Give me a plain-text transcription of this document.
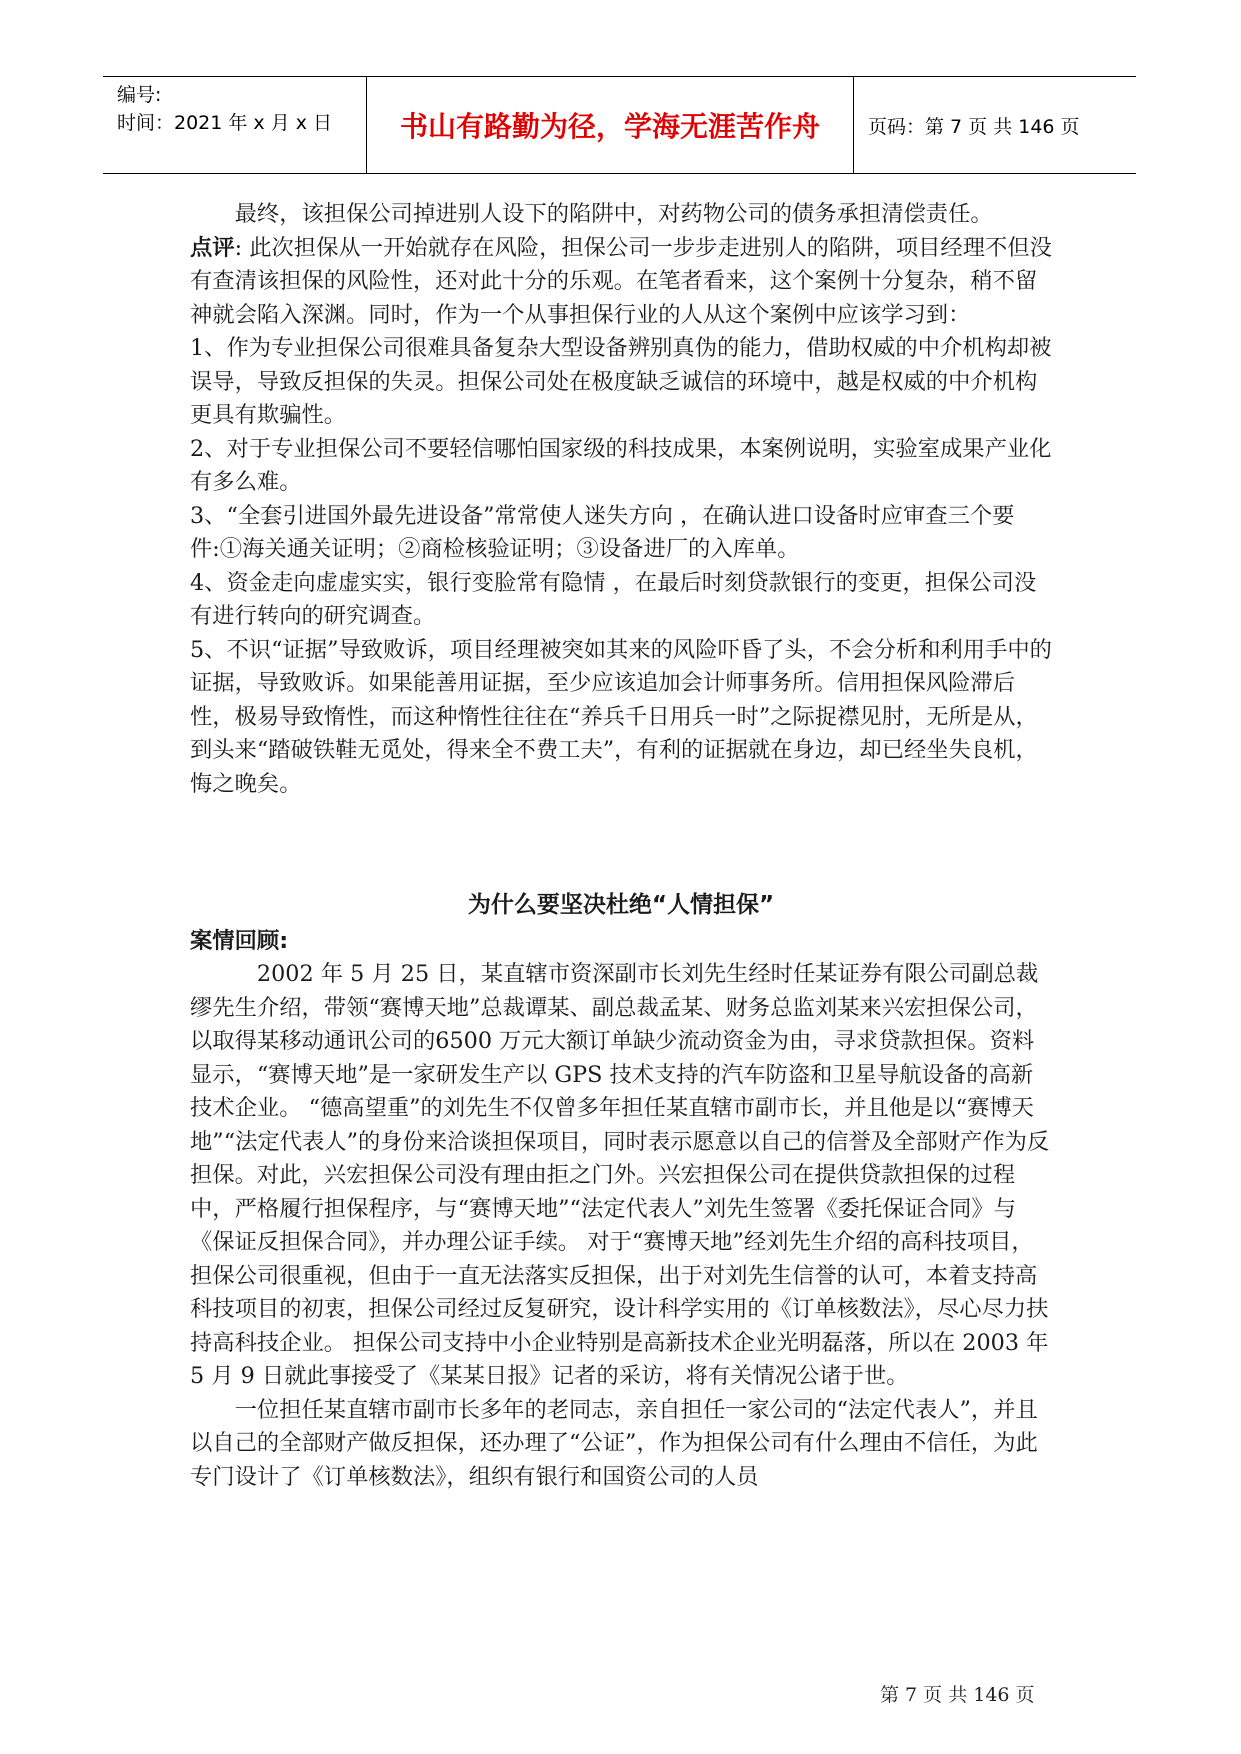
编号:
时间：2021 年 x 月 x 日	书山有路勤为径，学海无涯苦作舟	页码：第 7 页 共 146 页

最终，该担保公司掉进别人设下的陷阱中，对药物公司的债务承担清偿责任。

点评: 此次担保从一开始就存在风险，担保公司一步步走进别人的陷阱，项目经理不但没有查清该担保的风险性，还对此十分的乐观。在笔者看来，这个案例十分复杂，稍不留神就会陷入深渊。同时，作为一个从事担保行业的人从这个案例中应该学习到：

1、作为专业担保公司很难具备复杂大型设备辨别真伪的能力，借助权威的中介机构却被误导，导致反担保的失灵。担保公司处在极度缺乏诚信的环境中，越是权威的中介机构更具有欺骗性。

2、对于专业担保公司不要轻信哪怕国家级的科技成果，本案例说明，实验室成果产业化有多么难。

3、“全套引进国外最先进设备”常常使人迷失方向 ，在确认进口设备时应审查三个要件:①海关通关证明；②商检核验证明；③设备进厂的入库单。

4、资金走向虚虚实实，银行变脸常有隐情 ，在最后时刻贷款银行的变更，担保公司没有进行转向的研究调查。

5、不识“证据”导致败诉，项目经理被突如其来的风险吓昏了头，不会分析和利用手中的证据，导致败诉。如果能善用证据，至少应该追加会计师事务所。信用担保风险滞后性，极易导致惰性，而这种惰性往往在“养兵千日用兵一时”之际捉襟见肘，无所是从，到头来“踏破铁鞋无觅处，得来全不费工夫”，有利的证据就在身边，却已经坐失良机，悔之晚矣。

为什么要坚决杜绝“人情担保”

案情回顾:

2002 年 5 月 25 日，某直辖市资深副市长刘先生经时任某证券有限公司副总裁缪先生介绍，带领“赛博天地”总裁谭某、副总裁孟某、财务总监刘某来兴宏担保公司，以取得某移动通讯公司的6500 万元大额订单缺少流动资金为由，寻求贷款担保。资料显示，“赛博天地”是一家研发生产以 GPS 技术支持的汽车防盗和卫星导航设备的高新技术企业。 “德高望重”的刘先生不仅曾多年担任某直辖市副市长，并且他是以“赛博天地”“法定代表人”的身份来洽谈担保项目，同时表示愿意以自己的信誉及全部财产作为反担保。对此，兴宏担保公司没有理由拒之门外。兴宏担保公司在提供贷款担保的过程中，严格履行担保程序，与“赛博天地”“法定代表人”刘先生签署《委托保证合同》与《保证反担保合同》，并办理公证手续。 对于“赛博天地”经刘先生介绍的高科技项目，担保公司很重视，但由于一直无法落实反担保，出于对刘先生信誉的认可，本着支持高科技项目的初衷，担保公司经过反复研究，设计科学实用的《订单核数法》，尽心尽力扶持高科技企业。 担保公司支持中小企业特别是高新技术企业光明磊落，所以在 2003 年 5 月 9 日就此事接受了《某某日报》记者的采访，将有关情况公诸于世。

一位担任某直辖市副市长多年的老同志，亲自担任一家公司的“法定代表人”，并且以自己的全部财产做反担保，还办理了“公证”，作为担保公司有什么理由不信任，为此专门设计了《订单核数法》，组织有银行和国资公司的人员

第 7 页 共 146 页
